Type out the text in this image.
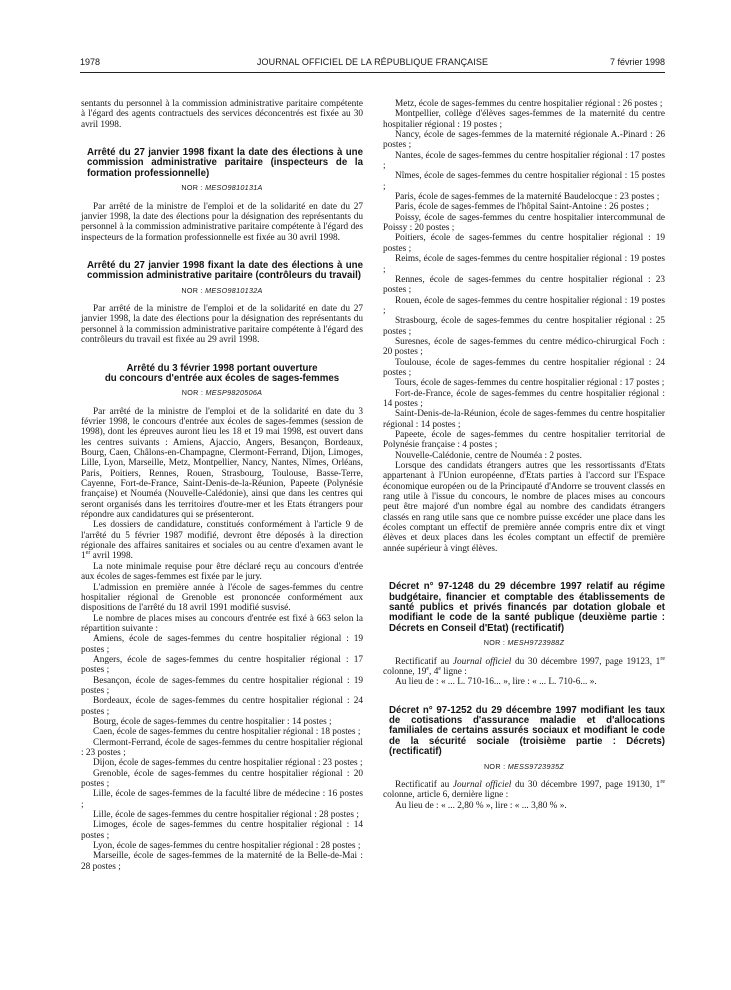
1978	JOURNAL OFFICIEL DE LA RÉPUBLIQUE FRANÇAISE	7 février 1998

sentants du personnel à la commission administrative paritaire compétente à l'égard des agents contractuels des services déconcentrés est fixée au 30 avril 1998.

Arrêté du 27 janvier 1998 fixant la date des élections à une commission administrative paritaire (inspecteurs de la formation professionnelle)
NOR : MESO9810131A

Par arrêté de la ministre de l'emploi et de la solidarité en date du 27 janvier 1998, la date des élections pour la désignation des représentants du personnel à la commission administrative paritaire compétente à l'égard des inspecteurs de la formation professionnelle est fixée au 30 avril 1998.

Arrêté du 27 janvier 1998 fixant la date des élections à une commission administrative paritaire (contrôleurs du travail)
NOR : MESO9810132A

Par arrêté de la ministre de l'emploi et de la solidarité en date du 27 janvier 1998, la date des élections pour la désignation des représentants du personnel à la commission administrative paritaire compétente à l'égard des contrôleurs du travail est fixée au 29 avril 1998.

Arrêté du 3 février 1998 portant ouverture
du concours d'entrée aux écoles de sages-femmes
NOR : MESP9820506A

Par arrêté de la ministre de l'emploi et de la solidarité en date du 3 février 1998, le concours d'entrée aux écoles de sages-femmes (session de 1998), dont les épreuves auront lieu les 18 et 19 mai 1998, est ouvert dans les centres suivants : Amiens, Ajaccio, Angers, Besançon, Bordeaux, Bourg, Caen, Châlons-en-Champagne, Clermont-Ferrand, Dijon, Limoges, Lille, Lyon, Marseille, Metz, Montpellier, Nancy, Nantes, Nîmes, Orléans, Paris, Poitiers, Rennes, Rouen, Strasbourg, Toulouse, Basse-Terre, Cayenne, Fort-de-France, Saint-Denis-de-la-Réunion, Papeete (Polynésie française) et Nouméa (Nouvelle-Calédonie), ainsi que dans les centres qui seront organisés dans les territoires d'outre-mer et les Etats étrangers pour répondre aux candidatures qui se présenteront.

Les dossiers de candidature, constitués conformément à l'article 9 de l'arrêté du 5 février 1987 modifié, devront être déposés à la direction régionale des affaires sanitaires et sociales ou au centre d'examen avant le 1er avril 1998.

La note minimale requise pour être déclaré reçu au concours d'entrée aux écoles de sages-femmes est fixée par le jury.

L'admission en première année à l'école de sages-femmes du centre hospitalier régional de Grenoble est prononcée conformément aux dispositions de l'arrêté du 18 avril 1991 modifié susvisé.

Le nombre de places mises au concours d'entrée est fixé à 663 selon la répartition suivante :

Amiens, école de sages-femmes du centre hospitalier régional : 19 postes ;

Angers, école de sages-femmes du centre hospitalier régional : 17 postes ;

Besançon, école de sages-femmes du centre hospitalier régional : 19 postes ;

Bordeaux, école de sages-femmes du centre hospitalier régional : 24 postes ;

Bourg, école de sages-femmes du centre hospitalier : 14 postes ;

Caen, école de sages-femmes du centre hospitalier régional : 18 postes ;

Clermont-Ferrand, école de sages-femmes du centre hospitalier régional : 23 postes ;

Dijon, école de sages-femmes du centre hospitalier régional : 23 postes ;

Grenoble, école de sages-femmes du centre hospitalier régional : 20 postes ;

Lille, école de sages-femmes de la faculté libre de médecine : 16 postes ;

Lille, école de sages-femmes du centre hospitalier régional : 28 postes ;

Limoges, école de sages-femmes du centre hospitalier régional : 14 postes ;

Lyon, école de sages-femmes du centre hospitalier régional : 28 postes ;

Marseille, école de sages-femmes de la maternité de la Belle-de-Mai : 28 postes ;

Metz, école de sages-femmes du centre hospitalier régional : 26 postes ;

Montpellier, collège d'élèves sages-femmes de la maternité du centre hospitalier régional : 19 postes ;

Nancy, école de sages-femmes de la maternité régionale A.-Pinard : 26 postes ;

Nantes, école de sages-femmes du centre hospitalier régional : 17 postes ;

Nîmes, école de sages-femmes du centre hospitalier régional : 15 postes ;

Paris, école de sages-femmes de la maternité Baudelocque : 23 postes ;

Paris, école de sages-femmes de l'hôpital Saint-Antoine : 26 postes ;

Poissy, école de sages-femmes du centre hospitalier intercommunal de Poissy : 20 postes ;

Poitiers, école de sages-femmes du centre hospitalier régional : 19 postes ;

Reims, école de sages-femmes du centre hospitalier régional : 19 postes ;

Rennes, école de sages-femmes du centre hospitalier régional : 23 postes ;

Rouen, école de sages-femmes du centre hospitalier régional : 19 postes ;

Strasbourg, école de sages-femmes du centre hospitalier régional : 25 postes ;

Suresnes, école de sages-femmes du centre médico-chirurgical Foch : 20 postes ;

Toulouse, école de sages-femmes du centre hospitalier régional : 24 postes ;

Tours, école de sages-femmes du centre hospitalier régional : 17 postes ;

Fort-de-France, école de sages-femmes du centre hospitalier régional : 14 postes ;

Saint-Denis-de-la-Réunion, école de sages-femmes du centre hospitalier régional : 14 postes ;

Papeete, école de sages-femmes du centre hospitalier territorial de Polynésie française : 4 postes ;

Nouvelle-Calédonie, centre de Nouméa : 2 postes.

Lorsque des candidats étrangers autres que les ressortissants d'Etats appartenant à l'Union européenne, d'Etats parties à l'accord sur l'Espace économique européen ou de la Principauté d'Andorre se trouvent classés en rang utile à l'issue du concours, le nombre de places mises au concours peut être majoré d'un nombre égal au nombre des candidats étrangers classés en rang utile sans que ce nombre puisse excéder une place dans les écoles comptant un effectif de première année compris entre dix et vingt élèves et deux places dans les écoles comptant un effectif de première année supérieur à vingt élèves.

Décret n° 97-1248 du 29 décembre 1997 relatif au régime budgétaire, financier et comptable des établissements de santé publics et privés financés par dotation globale et modifiant le code de la santé publique (deuxième partie : Décrets en Conseil d'Etat) (rectificatif)
NOR : MESH9723988Z

Rectificatif au Journal officiel du 30 décembre 1997, page 19123, 1re colonne, 19e, 4e ligne :

Au lieu de : « ... L. 710-16... », lire : « ... L. 710-6... ».

Décret n° 97-1252 du 29 décembre 1997 modifiant les taux de cotisations d'assurance maladie et d'allocations familiales de certains assurés sociaux et modifiant le code de la sécurité sociale (troisième partie : Décrets) (rectificatif)
NOR : MESS9723935Z

Rectificatif au Journal officiel du 30 décembre 1997, page 19130, 1re colonne, article 6, dernière ligne :

Au lieu de : « ... 2,80 % », lire : « ... 3,80 % ».
